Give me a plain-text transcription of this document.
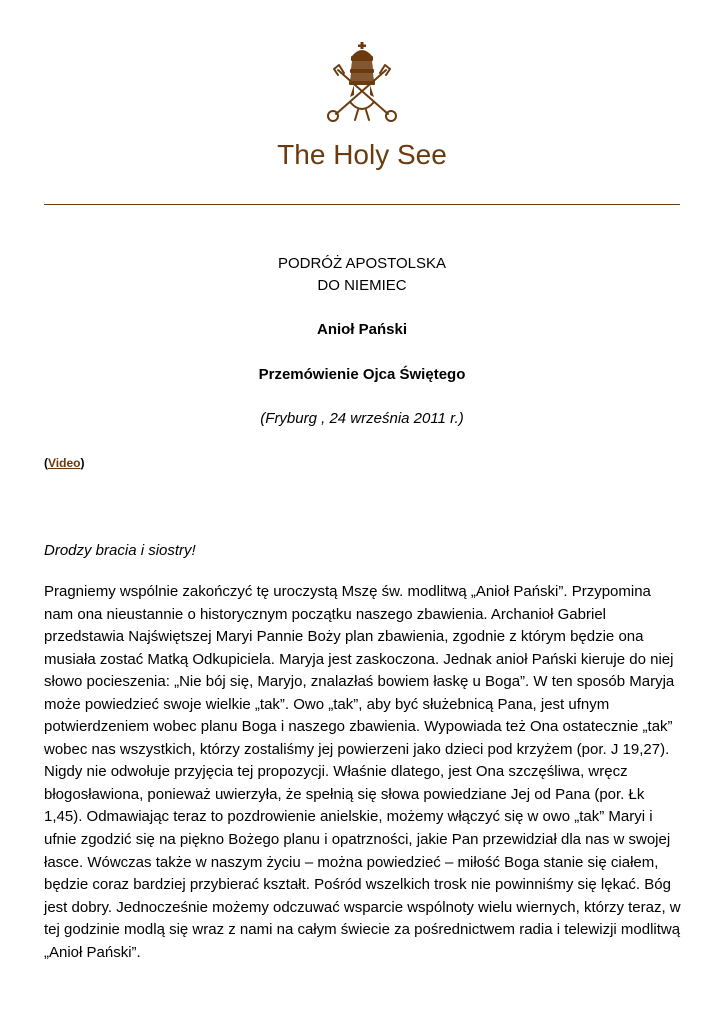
The Holy See
PODRÓŻ APOSTOLSKA
DO NIEMIEC
Anioł Pański
Przemówienie Ojca Świętego
(Fryburg , 24 września 2011 r.)
(Video)
Drodzy bracia i siostry!
Pragniemy wspólnie zakończyć tę uroczystą Mszę św. modlitwą „Anioł Pański”. Przypomina nam ona nieustannie o historycznym początku naszego zbawienia. Archanioł Gabriel przedstawia Najświętszej Maryi Pannie Boży plan zbawienia, zgodnie z którym będzie ona musiała zostać Matką Odkupiciela. Maryja jest zaskoczona. Jednak anioł Pański kieruje do niej słowo pocieszenia: „Nie bój się, Maryjo, znalazłaś bowiem łaskę u Boga”. W ten sposób Maryja może powiedzieć swoje wielkie „tak”. Owo „tak”, aby być służebnicą Pana, jest ufnym potwierdzeniem wobec planu Boga i naszego zbawienia. Wypowiada też Ona ostatecznie „tak” wobec nas wszystkich, którzy zostaliśmy jej powierzeni jako dzieci pod krzyżem (por. J 19,27). Nigdy nie odwołuje przyjęcia tej propozycji. Właśnie dlatego, jest Ona szczęśliwa, wręcz błogosławiona, ponieważ uwierzyła, że spełnią się słowa powiedziane Jej od Pana (por. Łk 1,45). Odmawiając teraz to pozdrowienie anielskie, możemy włączyć się w owo „tak” Maryi i ufnie zgodzić się na piękno Bożego planu i opatrzności, jakie Pan przewidział dla nas w swojej łasce. Wówczas także w naszym życiu – można powiedzieć – miłość Boga stanie się ciałem, będzie coraz bardziej przybierać kształt. Pośród wszelkich trosk nie powinniśmy się lękać. Bóg jest dobry. Jednocześnie możemy odczuwać wsparcie wspólnoty wielu wiernych, którzy teraz, w tej godzinie modlą się wraz z nami na całym świecie za pośrednictwem radia i telewizji modlitwą „Anioł Pański”.
